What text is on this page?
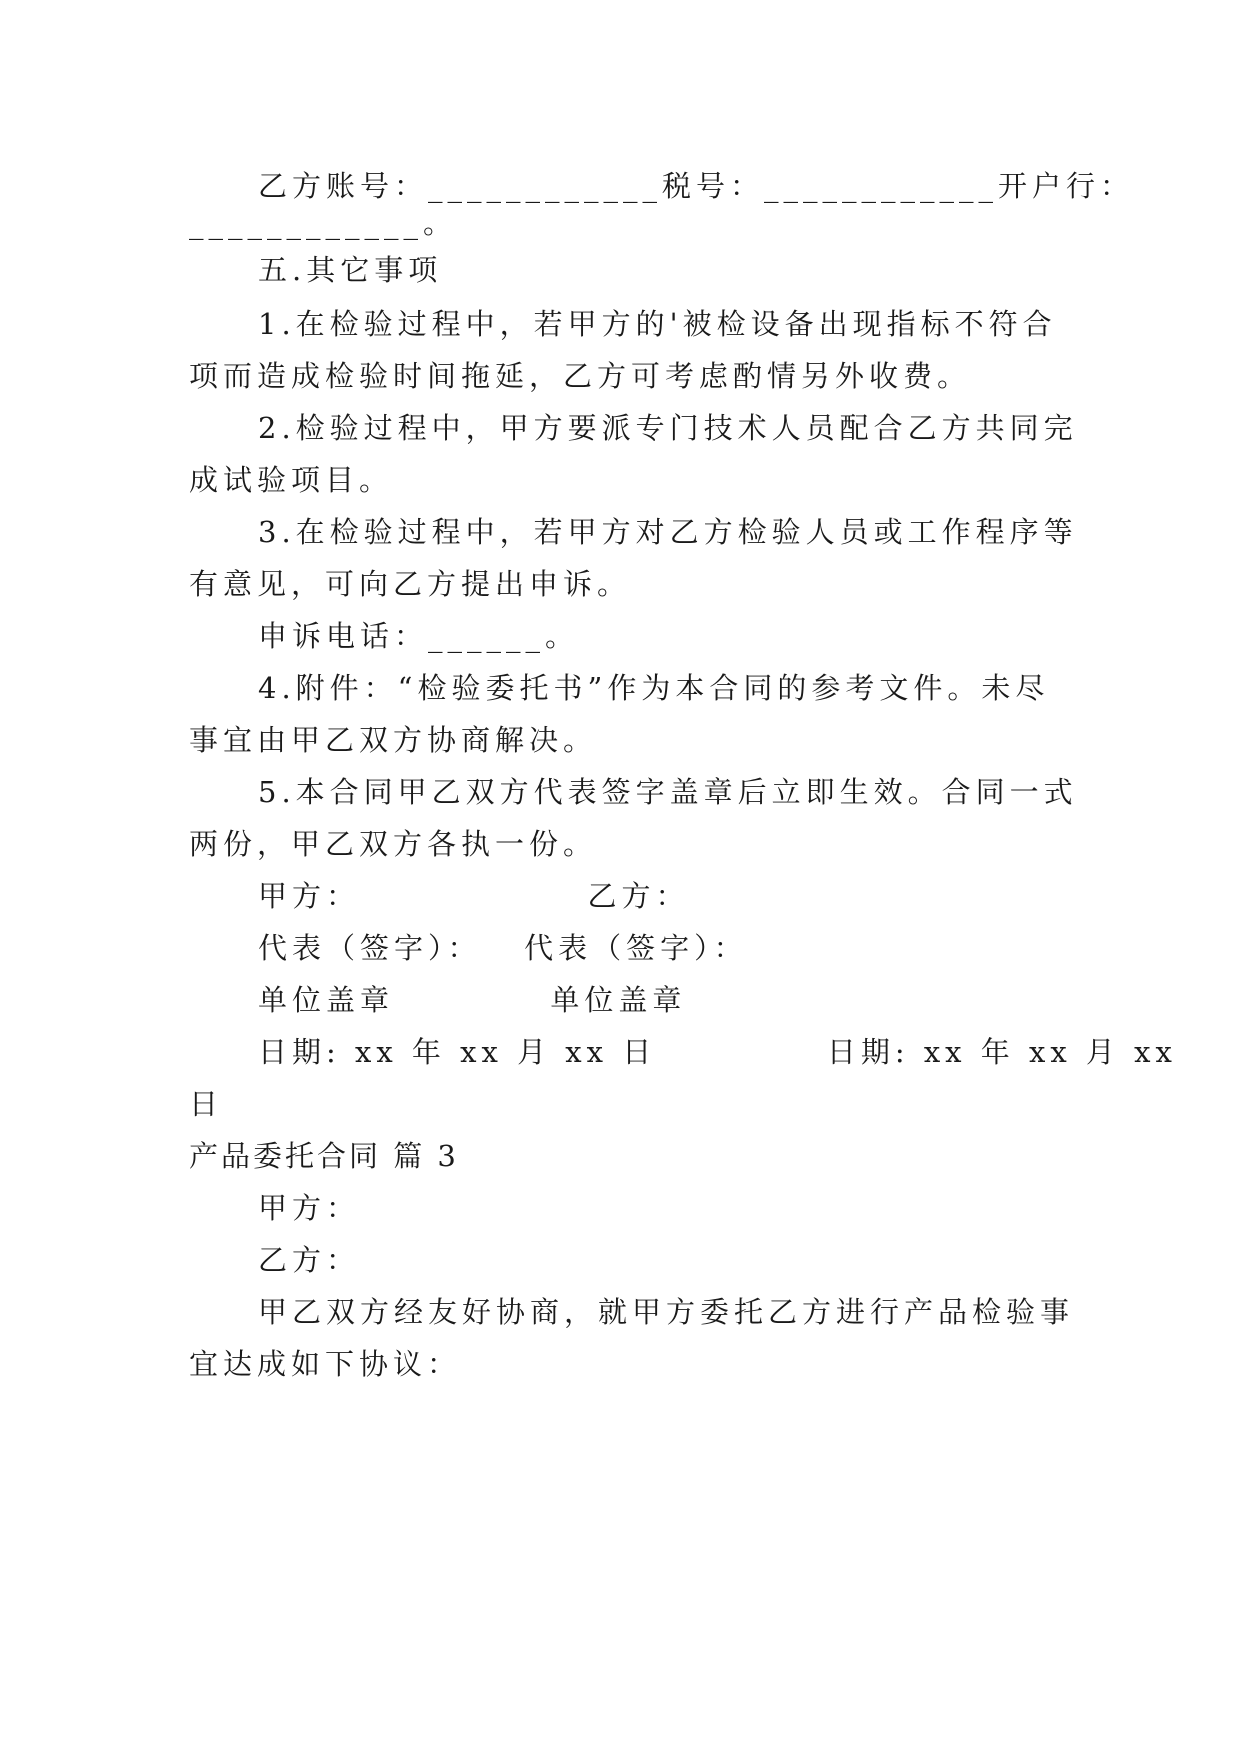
乙方账号：____________税号：____________开户行：
____________。
五.其它事项
1.在检验过程中，若甲方的'被检设备出现指标不符合
项而造成检验时间拖延，乙方可考虑酌情另外收费。
2.检验过程中，甲方要派专门技术人员配合乙方共同完
成试验项目。
3.在检验过程中，若甲方对乙方检验人员或工作程序等
有意见，可向乙方提出申诉。
申诉电话：______。
4.附件：“检验委托书”作为本合同的参考文件。未尽
事宜由甲乙双方协商解决。
5.本合同甲乙双方代表签字盖章后立即生效。合同一式
两份，甲乙双方各执一份。
甲方：                乙方：
代表（签字）：   代表（签字）：
单位盖章           单位盖章
日期: xx 年 xx 月 xx 日            日期: xx 年 xx 月 xx
日
产品委托合同 篇 3
甲方：
乙方：
甲乙双方经友好协商，就甲方委托乙方进行产品检验事
宜达成如下协议：
